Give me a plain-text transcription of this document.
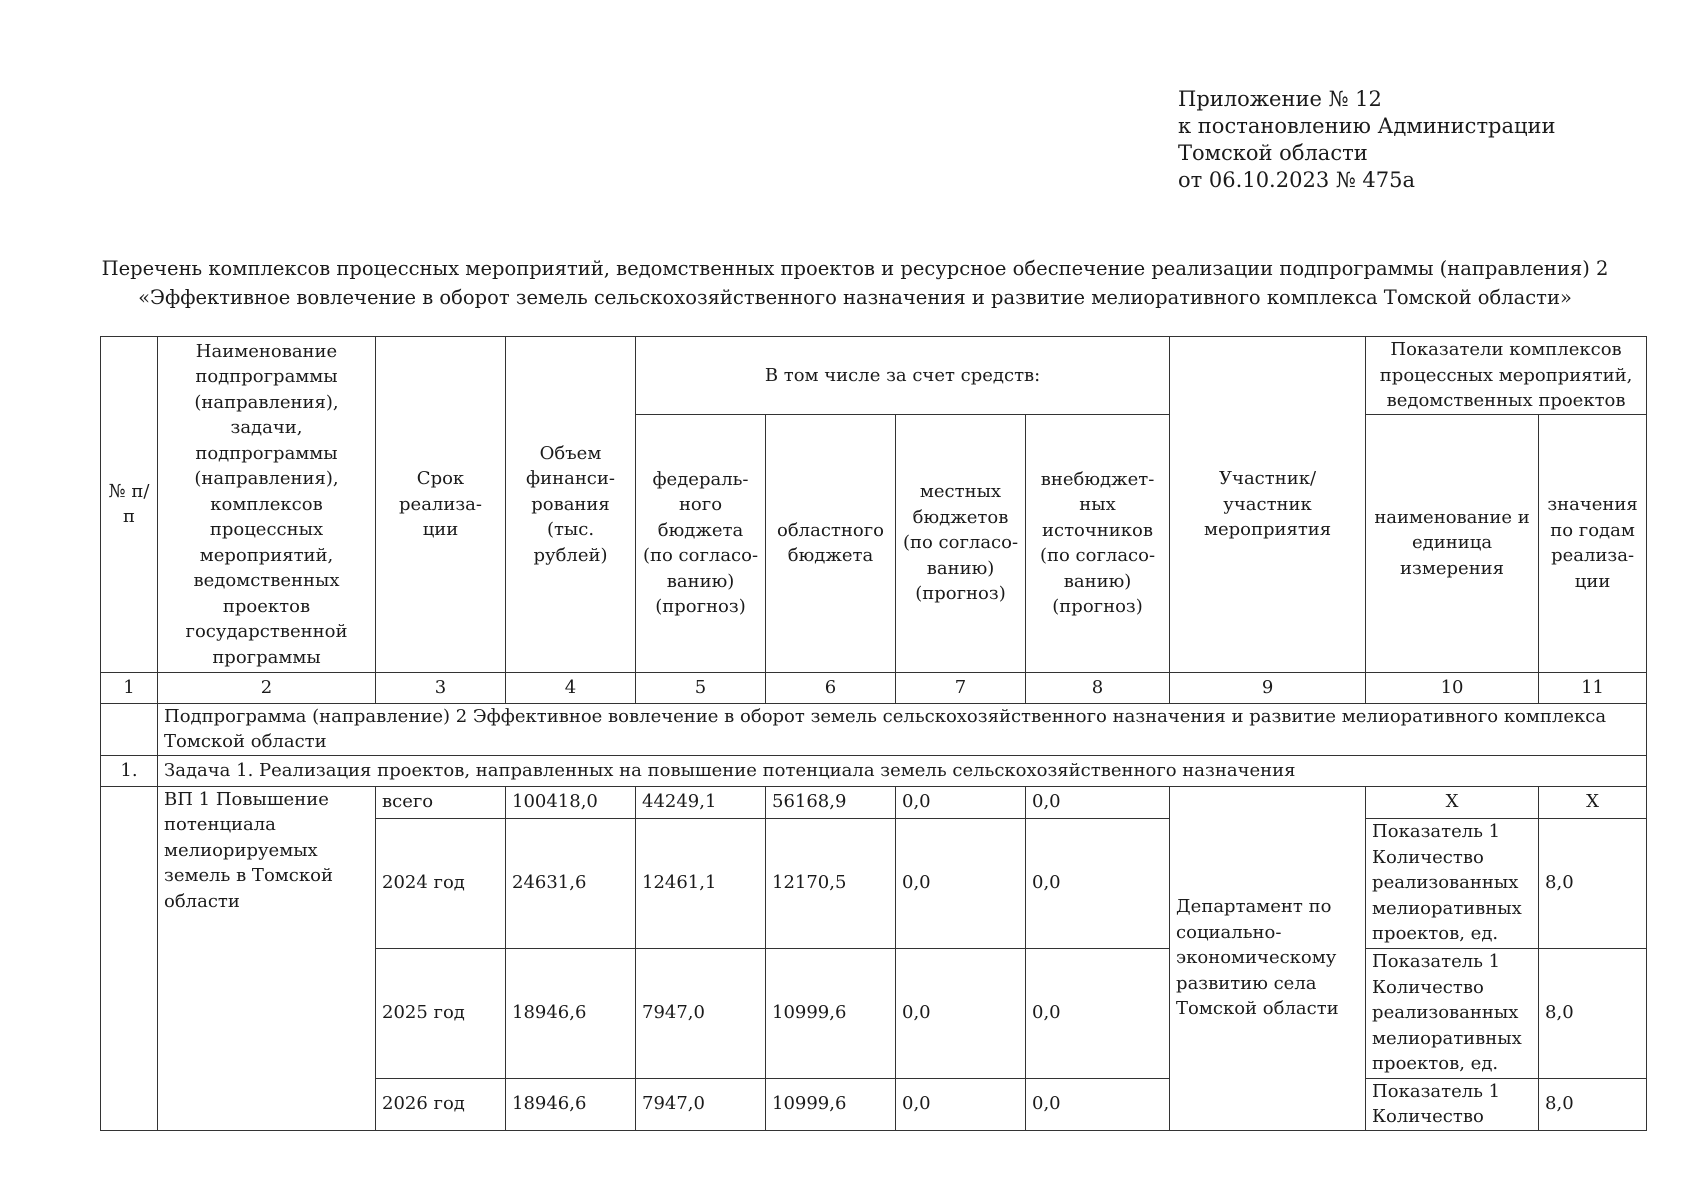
Приложение № 12
к постановлению Администрации
Томской области
от 06.10.2023 № 475а
Перечень комплексов процессных мероприятий, ведомственных проектов и ресурсное обеспечение реализации подпрограммы (направления) 2
«Эффективное вовлечение в оборот земель сельскохозяйственного назначения и развитие мелиоративного комплекса Томской области»
№ п/п	Наименование подпрограммы (направления), задачи, подпрограммы (направления), комплексов процессных мероприятий, ведомственных проектов государственной программы	Срок реализа-ции	Объем финанси-рования (тыс. рублей)	В том числе за счет средств:				Участник/ участник мероприятия	Показатели комплексов процессных мероприятий, ведомственных проектов	
				федераль-ного бюджета (по согласо-ванию) (прогноз)	областного бюджета	местных бюджетов (по согласо-ванию) (прогноз)	внебюджет-ных источников (по согласо-ванию) (прогноз)		наименование и единица измерения	значения по годам реализа-ции
1	2	3	4	5	6	7	8	9	10	11
	Подпрограмма (направление) 2 Эффективное вовлечение в оборот земель сельскохозяйственного назначения и развитие мелиоративного комплекса Томской области									
1.	Задача 1. Реализация проектов, направленных на повышение потенциала земель сельскохозяйственного назначения									
	ВП 1 Повышение потенциала мелиорируемых земель в Томской области	всего	100418,0	44249,1	56168,9	0,0	0,0	Департамент по социально-экономическому развитию села Томской области	Х	Х
		2024 год	24631,6	12461,1	12170,5	0,0	0,0		Показатель 1 Количество реализованных мелиоративных проектов, ед.	8,0
		2025 год	18946,6	7947,0	10999,6	0,0	0,0		Показатель 1 Количество реализованных мелиоративных проектов, ед.	8,0
		2026 год	18946,6	7947,0	10999,6	0,0	0,0		Показатель 1 Количество	8,0
